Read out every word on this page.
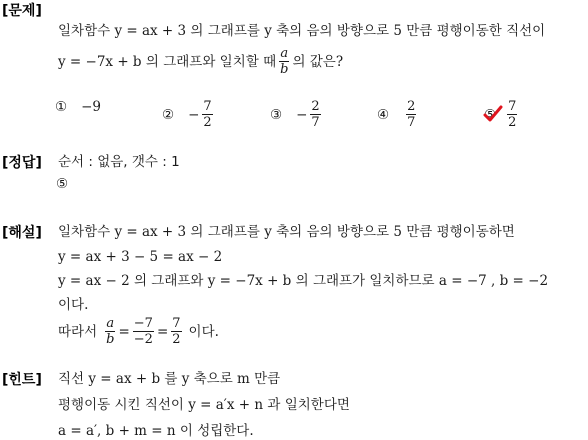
[문제]
일차함수 y = ax + 3 의 그래프를 y 축의 음의 방향으로 5 만큼 평행이동한 직선이
y = −7x + b 의 그래프와 일치할 때 $\frac{a}{b}$ 의 값은?
① −9	② − $\frac{7}{2}$	③ − $\frac{2}{7}$	④ $\frac{2}{7}$	⑤ $\frac{7}{2}$
[정답] 순서 : 없음, 갯수 : 1
⑤
[해설] 일차함수 y = ax + 3 의 그래프를 y 축의 음의 방향으로 5 만큼 평행이동하면
y = ax + 3 − 5 = ax − 2
y = ax − 2 의 그래프와 y = −7x + b 의 그래프가 일치하므로 a = −7 , b = −2
이다.
따라서 $\frac{a}{b} = \frac{-7}{-2} = \frac{7}{2}$ 이다.
[힌트] 직선 y = ax + b 를 y 축으로 m 만큼
평행이동 시킨 직선이 y = a′x + n 과 일치한다면
a = a′, b + m = n 이 성립한다.
